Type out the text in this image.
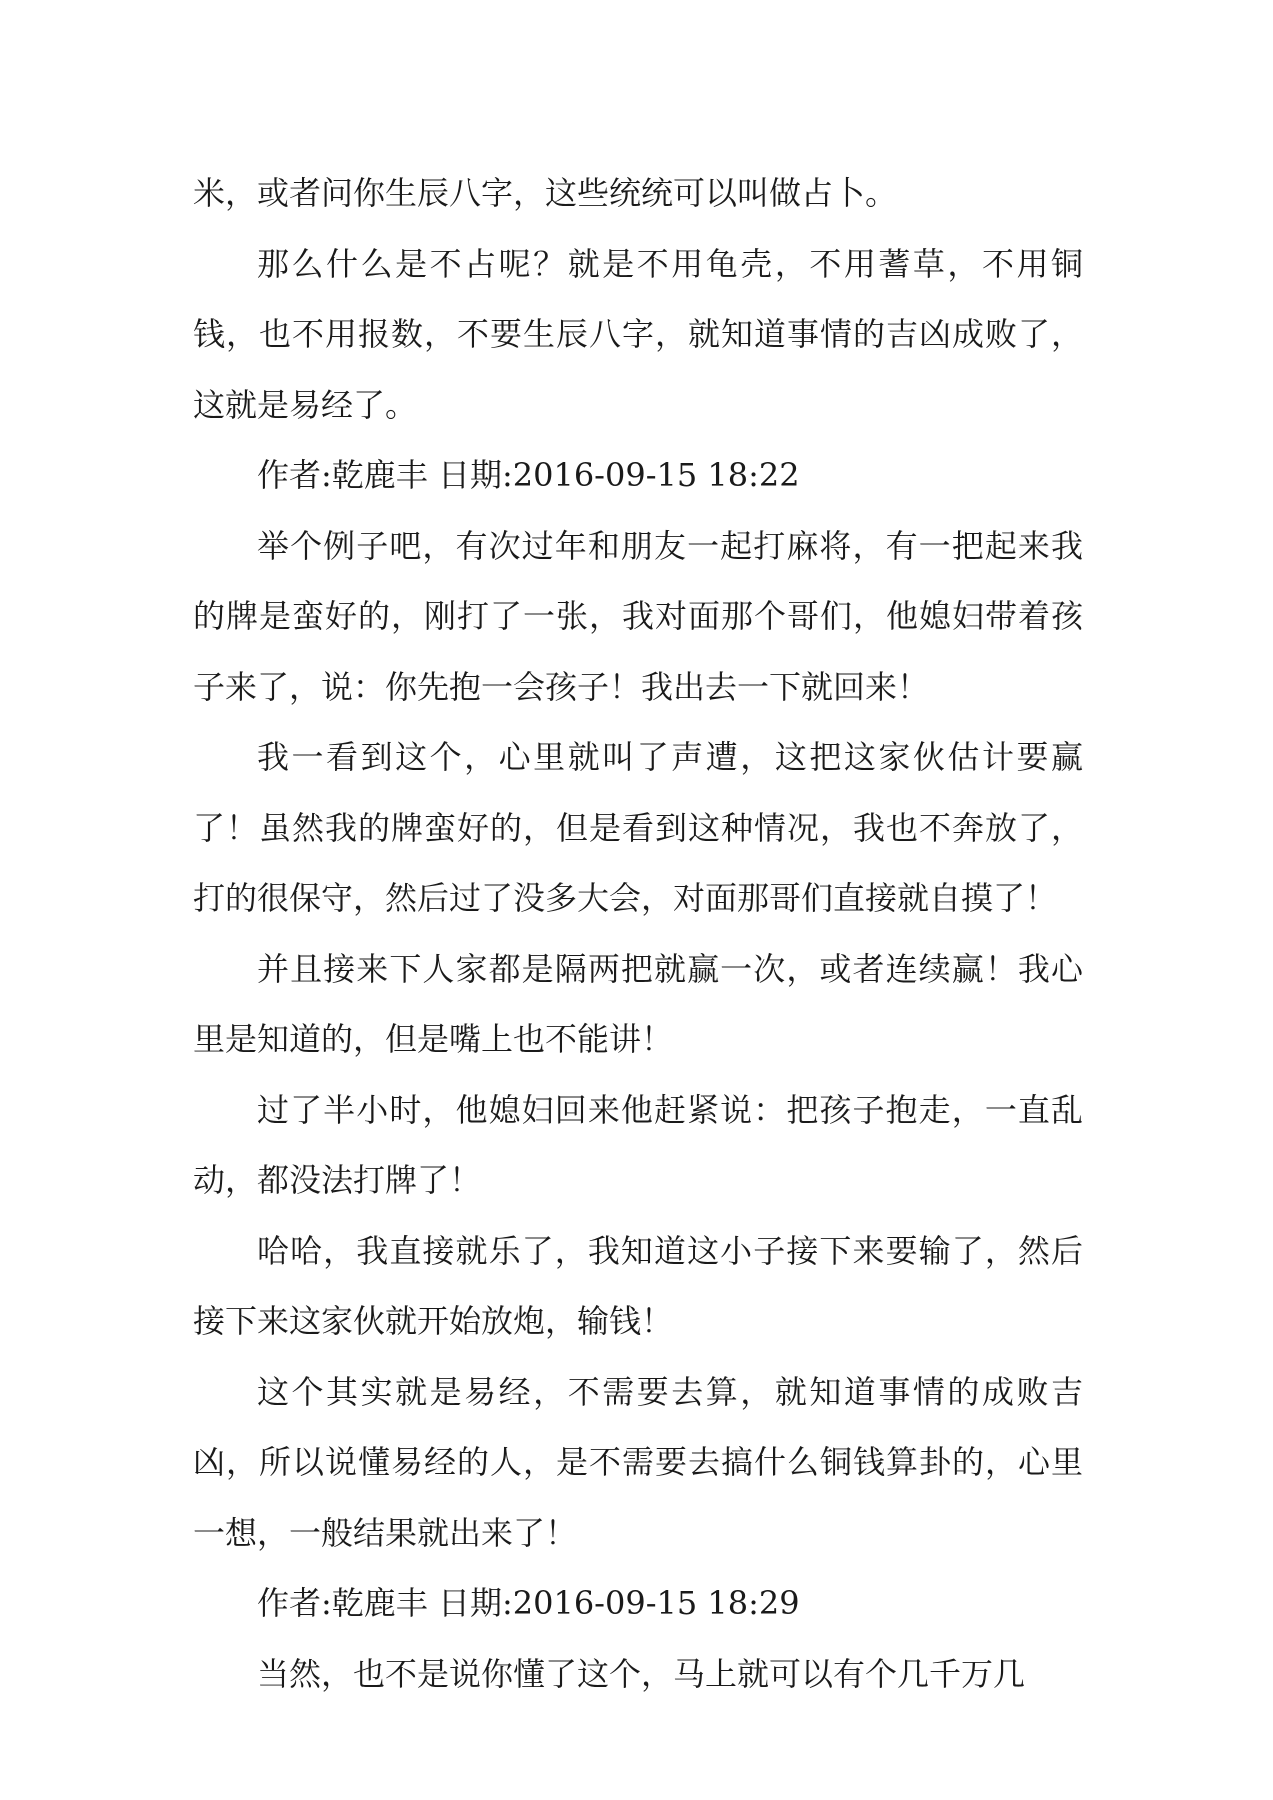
米，或者问你生辰八字，这些统统可以叫做占卜。

那么什么是不占呢？就是不用龟壳，不用蓍草，不用铜钱，也不用报数，不要生辰八字，就知道事情的吉凶成败了，这就是易经了。

作者:乾鹿丰 日期:2016-09-15 18:22

举个例子吧，有次过年和朋友一起打麻将，有一把起来我的牌是蛮好的，刚打了一张，我对面那个哥们，他媳妇带着孩子来了，说：你先抱一会孩子！我出去一下就回来！

我一看到这个，心里就叫了声遭，这把这家伙估计要赢了！虽然我的牌蛮好的，但是看到这种情况，我也不奔放了，打的很保守，然后过了没多大会，对面那哥们直接就自摸了！

并且接来下人家都是隔两把就赢一次，或者连续赢！我心里是知道的，但是嘴上也不能讲！

过了半小时，他媳妇回来他赶紧说：把孩子抱走，一直乱动，都没法打牌了！

哈哈，我直接就乐了，我知道这小子接下来要输了，然后接下来这家伙就开始放炮，输钱！

这个其实就是易经，不需要去算，就知道事情的成败吉凶，所以说懂易经的人，是不需要去搞什么铜钱算卦的，心里一想，一般结果就出来了！

作者:乾鹿丰 日期:2016-09-15 18:29

当然，也不是说你懂了这个，马上就可以有个几千万几
